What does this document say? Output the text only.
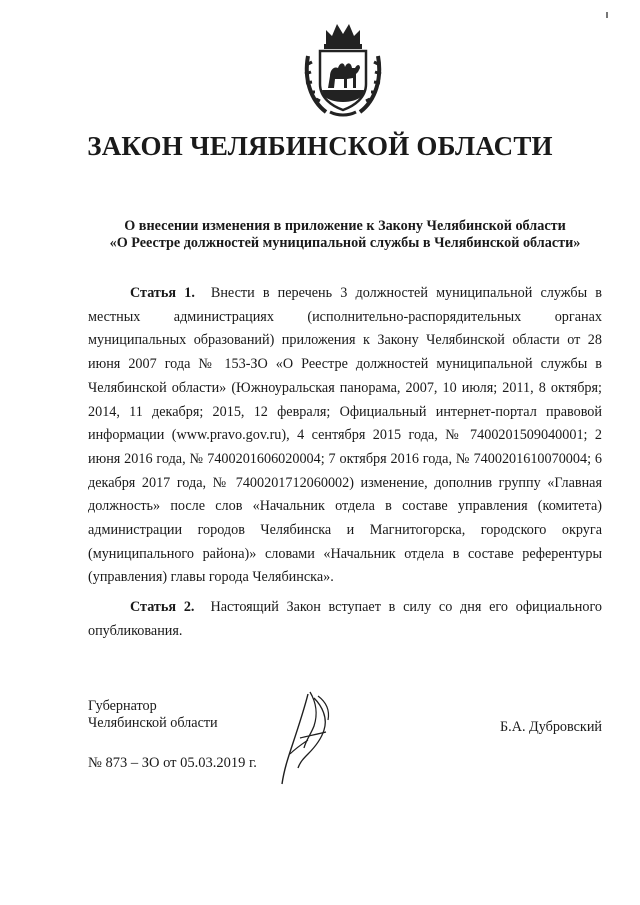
ЗАКОН ЧЕЛЯБИНСКОЙ ОБЛАСТИ
О внесении изменения в приложение к Закону Челябинской области
«О Реестре должностей муниципальной службы в Челябинской области»

Статья 1. Внести в перечень 3 должностей муниципальной службы в местных администрациях (исполнительно-распорядительных органах муниципальных образований) приложения к Закону Челябинской области от 28 июня 2007 года № 153-ЗО «О Реестре должностей муниципальной службы в Челябинской области» (Южноуральская панорама, 2007, 10 июля; 2011, 8 октября; 2014, 11 декабря; 2015, 12 февраля; Официальный интернет-портал правовой информации (www.pravo.gov.ru), 4 сентября 2015 года, № 7400201509040001; 2 июня 2016 года, № 7400201606020004; 7 октября 2016 года, № 7400201610070004; 6 декабря 2017 года, № 7400201712060002) изменение, дополнив группу «Главная должность» после слов «Начальник отдела в составе управления (комитета) администрации городов Челябинска и Магнитогорска, городского округа (муниципального района)» словами «Начальник отдела в составе референтуры (управления) главы города Челябинска».

Статья 2. Настоящий Закон вступает в силу со дня его официального опубликования.

Губернатор

Челябинской области	Б.А. Дубровский

№ 873 – ЗО от 05.03.2019 г.
